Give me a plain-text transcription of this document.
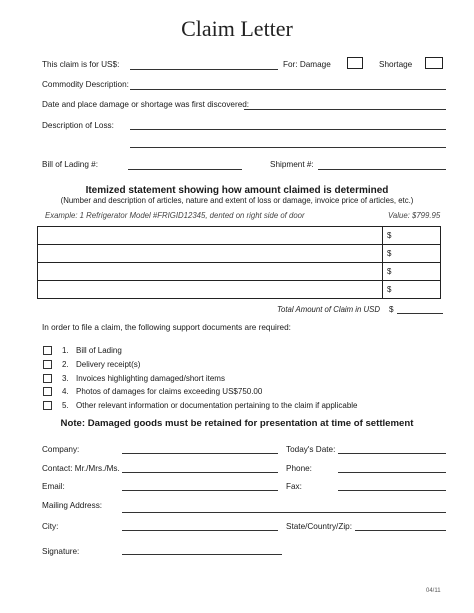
Claim Letter
This claim is for US$:	For: Damage	Shortage
Commodity Description:
Date and place damage or shortage was first discovered:
Description of Loss:
Bill of Lading #:	Shipment #:
Itemized statement showing how amount claimed is determined
(Number and description of articles, nature and extent of loss or damage, invoice price of articles, etc.)
Example: 1 Refrigerator Model #FRIGID12345, dented on right side of door	Value: $799.95
	$
	$
	$
	$
Total Amount of Claim in USD $
In order to file a claim, the following support documents are required:
1. Bill of Lading
2. Delivery receipt(s)
3. Invoices highlighting damaged/short items
4. Photos of damages for claims exceeding US$750.00
5. Other relevant information or documentation pertaining to the claim if applicable
Note: Damaged goods must be retained for presentation at time of settlement
Company:	Today's Date:
Contact: Mr./Mrs./Ms.	Phone:
Email:	Fax:
Mailing Address:
City:	State/Country/Zip:
Signature:
04/11
